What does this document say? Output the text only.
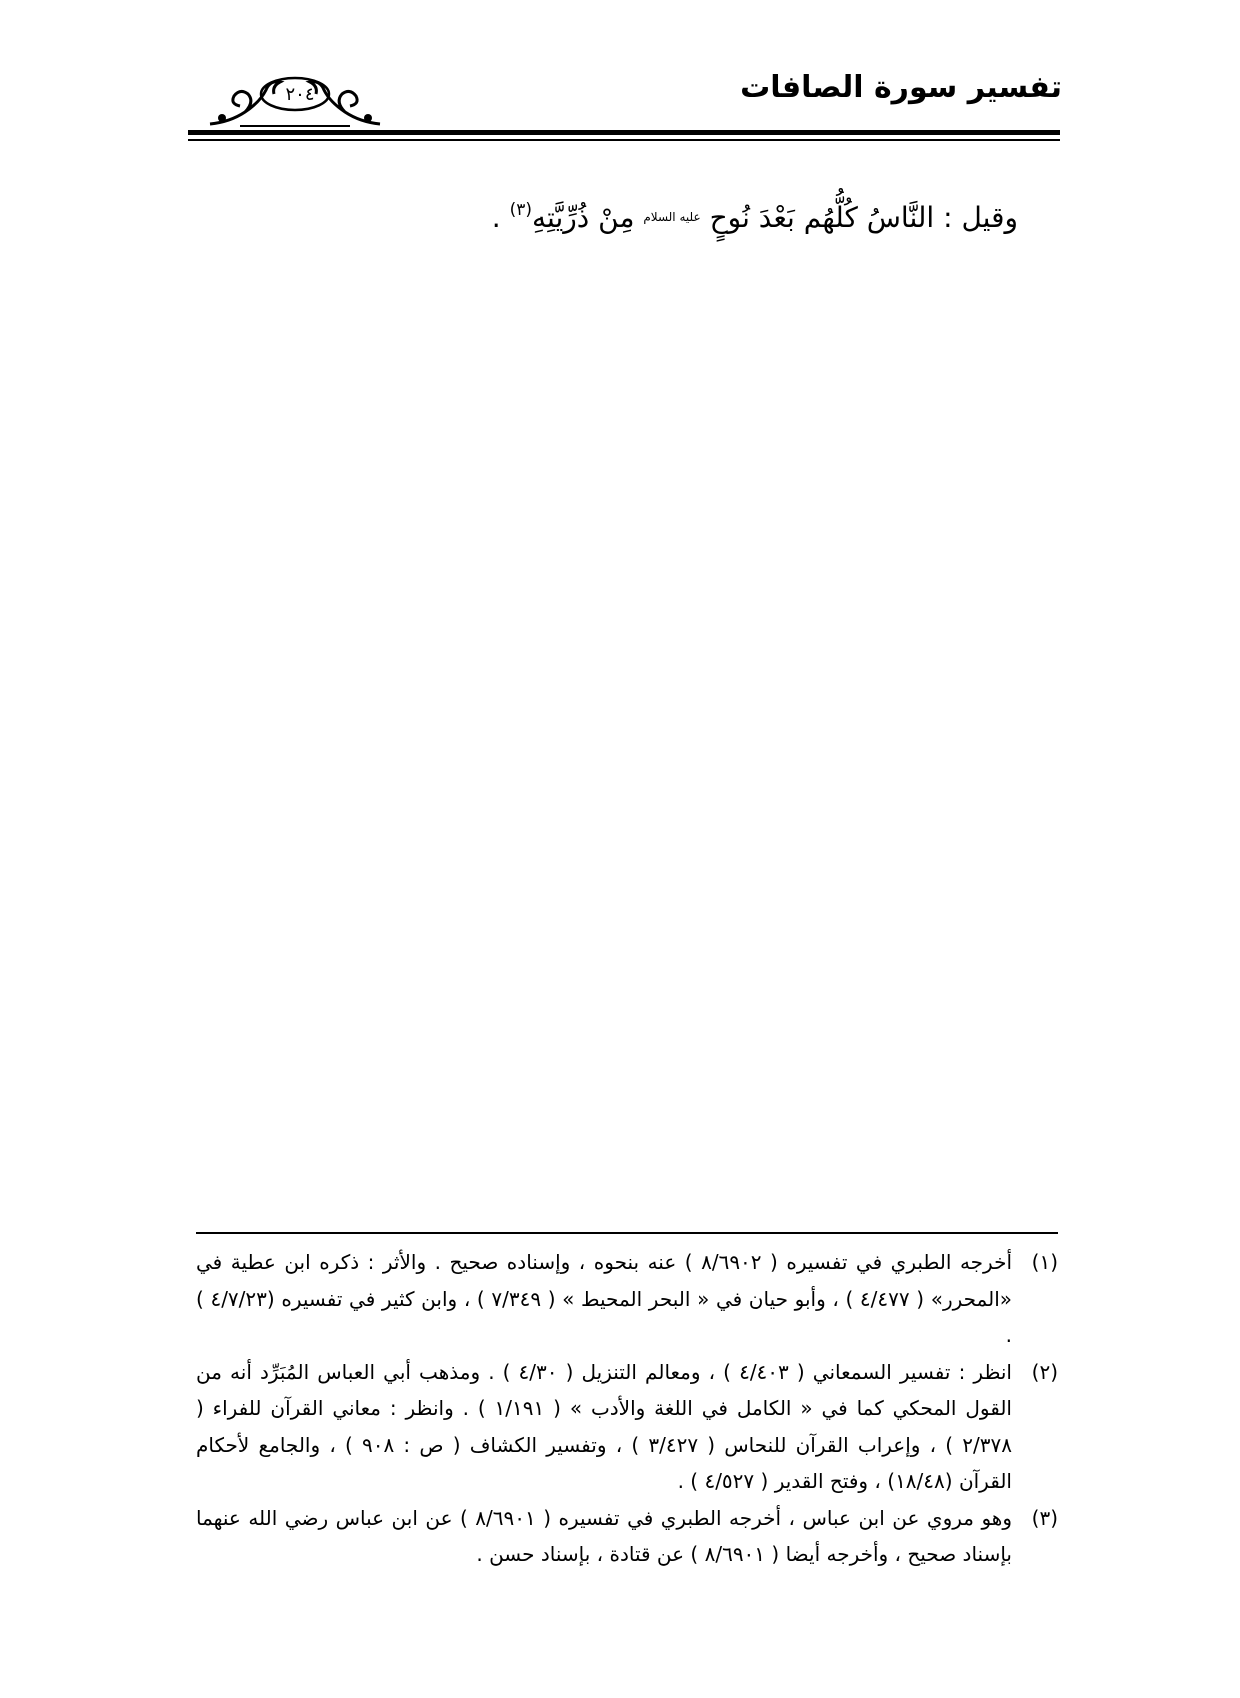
تفسير سورة الصافات
٢٠٤
وقيل : النَّاسُ كُلُّهُم بَعْدَ نُوحٍ $^{عليه السلام}$ مِنْ ذُرِّيَّتِهِ$^{(٣)}$ .
(١)
أخرجه الطبري في تفسيره ( ٨/٦٩٠٢ ) عنه بنحوه ، وإسناده صحيح . والأثر : ذكره ابن عطية في «المحرر» ( ٤/٤٧٧ ) ، وأبو حيان في « البحر المحيط » ( ٧/٣٤٩ ) ، وابن كثير في تفسيره (٤/٧/٢٣ ) .
(٢)
انظر : تفسير السمعاني ( ٤/٤٠٣ ) ، ومعالم التنزيل ( ٤/٣٠ ) . ومذهب أبي العباس المُبَرِّد أنه من القول المحكي كما في « الكامل في اللغة والأدب » ( ١/١٩١ ) . وانظر : معاني القرآن للفراء ( ٢/٣٧٨ ) ، وإعراب القرآن للنحاس ( ٣/٤٢٧ ) ، وتفسير الكشاف ( ص : ٩٠٨ ) ، والجامع لأحكام القرآن (١٨/٤٨) ، وفتح القدير ( ٤/٥٢٧ ) .
(٣)
وهو مروي عن ابن عباس ، أخرجه الطبري في تفسيره ( ٨/٦٩٠١ ) عن ابن عباس رضي الله عنهما بإسناد صحيح ، وأخرجه أيضا ( ٨/٦٩٠١ ) عن قتادة ، بإسناد حسن .
